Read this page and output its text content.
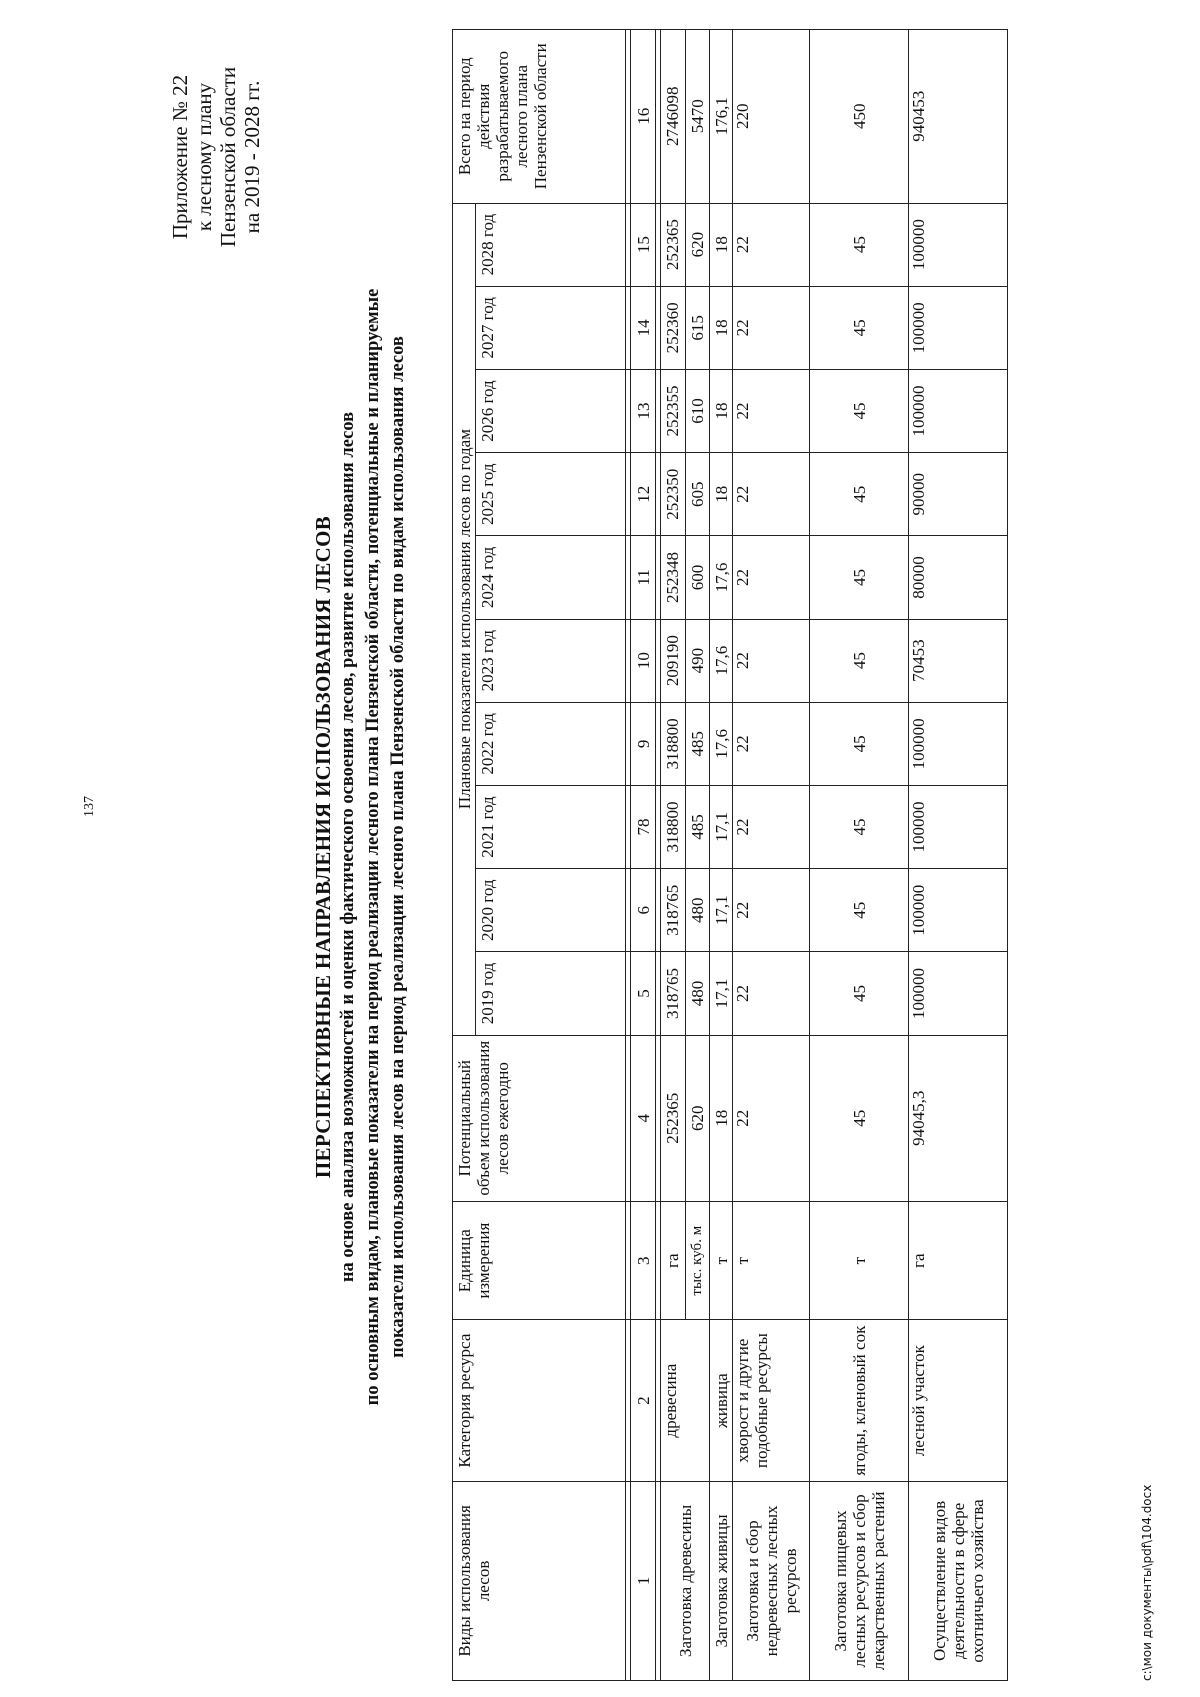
Приложение № 22 к лесному плану Пензенской области на 2019 - 2028 гг.
137	ПЕРСПЕКТИВНЫЕ НАПРАВЛЕНИЯ ИСПОЛЬЗОВАНИЯ ЛЕСОВ на основе анализа возможностей и оценки фактического освоения лесов, развитие использования лесов по основным видам, плановые показатели на период реализации лесного плана Пензенской области, потенциальные и планируемые показатели использования лесов на период реализации лесного плана Пензенской области по видам использования лесов
Виды использования лесов	Категория ресурса	Единица измерения	Потенциальный объем использования лесов ежегодно	Плановые показатели использования лесов по годам										Всего на период действия разрабатываемого лесного плана Пензенской области
				2019 год	2020 год	2021 год	2022 год	2023 год	2024 год	2025 год	2026 год	2027 год	2028 год	

1	2	3	4	5	6	78	9	10	11	12	13	14	15	16

Заготовка древесины	древесина	га	252365	318765	318765	318800	318800	209190	252348	252350	252355	252360	252365	2746098
		тыс. куб. м	620	480	480	485	485	490	600	605	610	615	620	5470
Заготовка живицы	живица	т	18	17,1	17,1	17,1	17,6	17,6	17,6	18	18	18	18	176,1
Заготовка и сбор недревесных лесных ресурсов	хворост и другие подобные ресурсы	т	22	22	22	22	22	22	22	22	22	22	22	220
Заготовка пищевых лесных ресурсов и сбор лекарственных растений	ягоды, кленовый сок	т	45	45	45	45	45	45	45	45	45	45	45	450
Осуществление видов деятельности в сфере охотничьего хозяйства	лесной участок	га	94045,3	100000	100000	100000	100000	70453	80000	90000	100000	100000	100000	940453
c:\мои документы\pdf\104.docx
